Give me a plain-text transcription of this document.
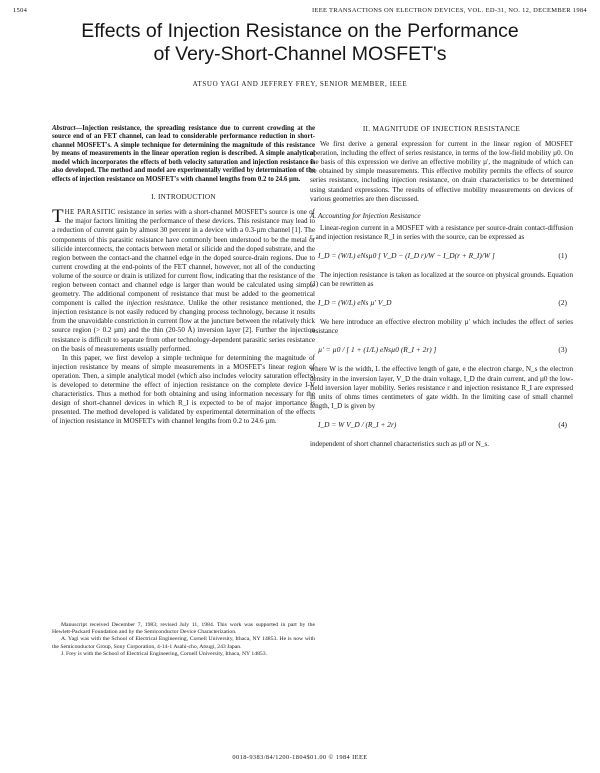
1504	IEEE TRANSACTIONS ON ELECTRON DEVICES, VOL. ED-31, NO. 12, DECEMBER 1984
Effects of Injection Resistance on the Performance
of Very-Short-Channel MOSFET's
ATSUO YAGI AND JEFFREY FREY, SENIOR MEMBER, IEEE

Abstract—Injection resistance, the spreading resistance due to current crowding at the source end of an FET channel, can lead to considerable performance reduction in short-channel MOSFET's. A simple technique for determining the magnitude of this resistance by means of measurements in the linear operation region is described. A simple analytical model which incorporates the effects of both velocity saturation and injection resistance is also developed. The method and model are experimentally verified by determination of the effects of injection resistance on MOSFET's with channel lengths from 0.2 to 24.6 µm.

I. INTRODUCTION

THE PARASITIC resistance in series with a short-channel MOSFET's source is one of the major factors limiting the performance of these devices. This resistance may lead to a reduction of current gain by almost 30 percent in a device with a 0.3-µm channel [1]. The components of this parasitic resistance have commonly been understood to be the metal or silicide interconnects, the contacts between metal or silicide and the doped substrate, and the region between the contact-and the channel edge in the doped source-drain regions. Due to current crowding at the end-points of the FET channel, however, not all of the conducting volume of the source or drain is utilized for current flow, indicating that the resistance of the region between contact and channel edge is larger than would be calculated using simple geometry. The additional component of resistance that must be added to the geometrical component is called the injection resistance. Unlike the other resistance mentioned, the injection resistance is not easily reduced by changing process technology, because it results from the unavoidable constriction in current flow at the juncture between the relatively thick source region (> 0.2 µm) and the thin (20-50 Å) inversion layer [2]. Further the injection resistance is difficult to separate from other technology-dependent parasitic series resistance on the basis of measurements usually performed.

In this paper, we first develop a simple technique for determining the magnitude of injection resistance by means of simple measurements in a MOSFET's linear region of operation. Then, a simple analytical model (which also includes velocity saturation effects) is developed to determine the effect of injection resistance on the complete device I-V characteristics. Thus a method for both obtaining and using information necessary for the design of short-channel devices in which R_I is expected to be of major importance is presented. The method developed is validated by experimental determination of the effects of injection resistance in MOSFET's with channel lengths from 0.2 to 24.6 µm.

Manuscript received December 7, 1983; revised July 11, 1984. This work was supported in part by the Hewlett-Packard Foundation and by the Semiconductor Device Characterization.

A. Yagi was with the School of Electrical Engineering, Cornell University, Ithaca, NY 14853. He is now with the Semiconductor Group, Sony Corporation, 4-14-1 Asahi-cho, Atsugi, 243 Japan.

J. Frey is with the School of Electrical Engineering, Cornell University, Ithaca, NY 14853.

II. MAGNITUDE OF INJECTION RESISTANCE

We first derive a general expression for current in the linear region of MOSFET operation, including the effect of series resistance, in terms of the low-field mobility µ0. On the basis of this expression we derive an effective mobility µ', the magnitude of which can be obtained by simple measurements. This effective mobility permits the effects of source series resistance, including injection resistance, on drain characteristics to be determined using standard expressions. The results of effective mobility measurements on devices of various geometries are then discussed.

A. Accounting for Injection Resistance

Linear-region current in a MOSFET with a resistance per source-drain contact-diffusion r, and injection resistance R_I in series with the source, can be expressed as

I_D = (W/L) eNsµ0 [ V_D − (I_D r)/W − I_D(r + R_I)/W ]	(1)

The injection resistance is taken as localized at the source on physical grounds. Equation (1) can be rewritten as

I_D = (W/L) eNs µ' V_D	(2)

We here introduce an effective electron mobility µ' which includes the effect of series resistance

µ' = µ0 / [ 1 + (1/L) eNsµ0 (R_I + 2r) ]	(3)

where W is the width, L the effective length of gate, e the electron charge, N_s the electron density in the inversion layer, V_D the drain voltage, I_D the drain current, and µ0 the low-field inversion layer mobility. Series resistance r and injection resistance R_I are expressed in units of ohms times centimeters of gate width. In the limiting case of small channel length, I_D is given by

I_D = W V_D / (R_I + 2r)	(4)

independent of short channel characteristics such as µ0 or N_s.

0018-9383/84/1200-1804$01.00 © 1984 IEEE
